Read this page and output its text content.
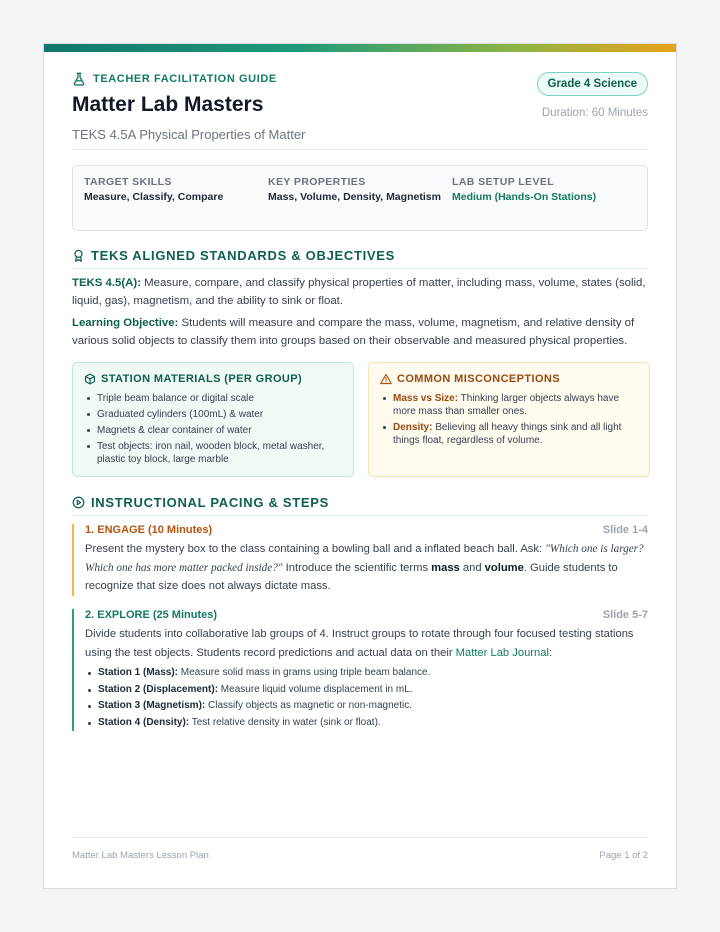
TEACHER FACILITATION GUIDE
Matter Lab Masters
TEKS 4.5A Physical Properties of Matter
Grade 4 Science
Duration: 60 Minutes
TARGET SKILLS
Measure, Classify, Compare
KEY PROPERTIES
Mass, Volume, Density, Magnetism
LAB SETUP LEVEL
Medium (Hands-On Stations)
TEKS ALIGNED STANDARDS & OBJECTIVES
TEKS 4.5(A): Measure, compare, and classify physical properties of matter, including mass, volume, states (solid, liquid, gas), magnetism, and the ability to sink or float.
Learning Objective: Students will measure and compare the mass, volume, magnetism, and relative density of various solid objects to classify them into groups based on their observable and measured physical properties.
STATION MATERIALS (PER GROUP)
Triple beam balance or digital scale
Graduated cylinders (100mL) & water
Magnets & clear container of water
Test objects: iron nail, wooden block, metal washer, plastic toy block, large marble
COMMON MISCONCEPTIONS
Mass vs Size: Thinking larger objects always have more mass than smaller ones.
Density: Believing all heavy things sink and all light things float, regardless of volume.
INSTRUCTIONAL PACING & STEPS
1. ENGAGE (10 Minutes)	Slide 1-4
Present the mystery box to the class containing a bowling ball and a inflated beach ball. Ask: "Which one is larger? Which one has more matter packed inside?" Introduce the scientific terms mass and volume. Guide students to recognize that size does not always dictate mass.
2. EXPLORE (25 Minutes)	Slide 5-7
Divide students into collaborative lab groups of 4. Instruct groups to rotate through four focused testing stations using the test objects. Students record predictions and actual data on their Matter Lab Journal:
Station 1 (Mass): Measure solid mass in grams using triple beam balance.
Station 2 (Displacement): Measure liquid volume displacement in mL.
Station 3 (Magnetism): Classify objects as magnetic or non-magnetic.
Station 4 (Density): Test relative density in water (sink or float).
Matter Lab Masters Lesson Plan	Page 1 of 2
